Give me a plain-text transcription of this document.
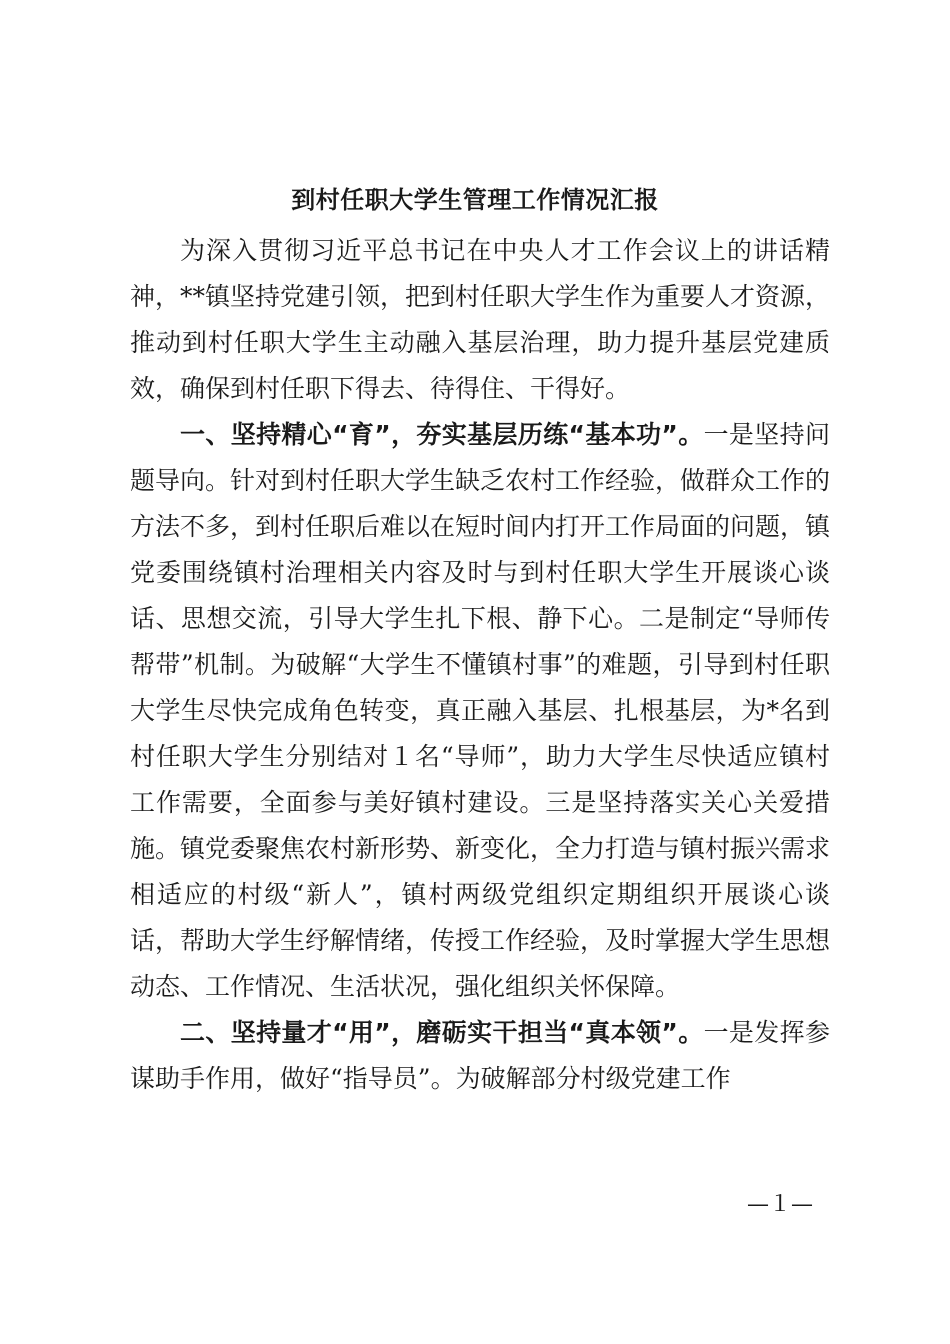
到村任职大学生管理工作情况汇报

为深入贯彻习近平总书记在中央人才工作会议上的讲话精神，**镇坚持党建引领，把到村任职大学生作为重要人才资源，推动到村任职大学生主动融入基层治理，助力提升基层党建质效，确保到村任职下得去、待得住、干得好。

一、坚持精心“育”，夯实基层历练“基本功”。一是坚持问题导向。针对到村任职大学生缺乏农村工作经验，做群众工作的方法不多，到村任职后难以在短时间内打开工作局面的问题，镇党委围绕镇村治理相关内容及时与到村任职大学生开展谈心谈话、思想交流，引导大学生扎下根、静下心。二是制定“导师传帮带”机制。为破解“大学生不懂镇村事”的难题，引导到村任职大学生尽快完成角色转变，真正融入基层、扎根基层，为*名到村任职大学生分别结对１名“导师”，助力大学生尽快适应镇村工作需要，全面参与美好镇村建设。三是坚持落实关心关爱措施。镇党委聚焦农村新形势、新变化，全力打造与镇村振兴需求相适应的村级“新人”，镇村两级党组织定期组织开展谈心谈话，帮助大学生纾解情绪，传授工作经验，及时掌握大学生思想动态、工作情况、生活状况，强化组织关怀保障。

二、坚持量才“用”，磨砺实干担当“真本领”。一是发挥参谋助手作用，做好“指导员”。为破解部分村级党建工作

—１—
